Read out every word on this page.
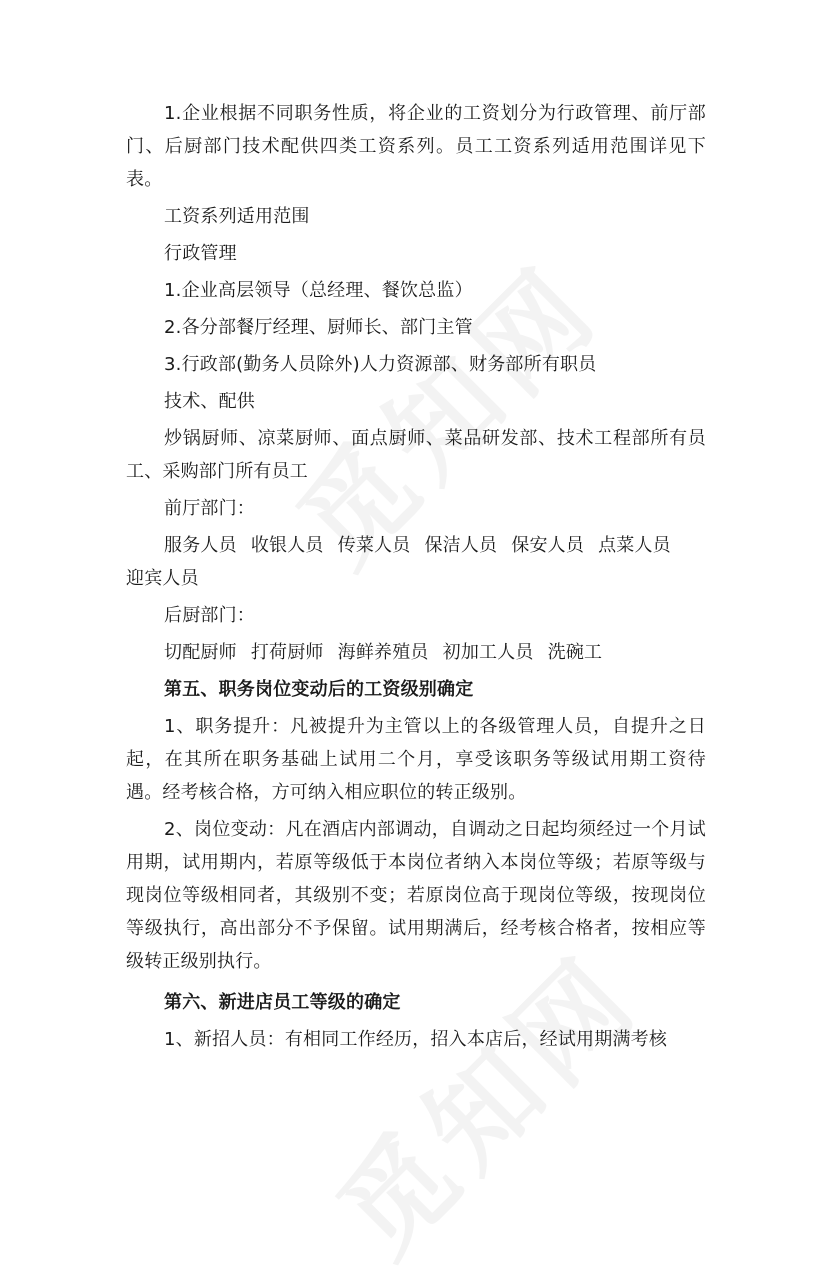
1.企业根据不同职务性质，将企业的工资划分为行政管理、前厅部门、后厨部门技术配供四类工资系列。员工工资系列适用范围详见下表。

工资系列适用范围

行政管理

1.企业高层领导（总经理、餐饮总监）

2.各分部餐厅经理、厨师长、部门主管

3.行政部(勤务人员除外)人力资源部、财务部所有职员

技术、配供

炒锅厨师、凉菜厨师、面点厨师、菜品研发部、技术工程部所有员工、采购部门所有员工

前厅部门：

服务人员 收银人员 传菜人员 保洁人员 保安人员 点菜人员
迎宾人员

后厨部门：

切配厨师 打荷厨师 海鲜养殖员 初加工人员 洗碗工

第五、职务岗位变动后的工资级别确定

1、职务提升：凡被提升为主管以上的各级管理人员，自提升之日起，在其所在职务基础上试用二个月，享受该职务等级试用期工资待遇。经考核合格，方可纳入相应职位的转正级别。

2、岗位变动：凡在酒店内部调动，自调动之日起均须经过一个月试用期，试用期内，若原等级低于本岗位者纳入本岗位等级；若原等级与现岗位等级相同者，其级别不变；若原岗位高于现岗位等级，按现岗位等级执行，高出部分不予保留。试用期满后，经考核合格者，按相应等级转正级别执行。

第六、新进店员工等级的确定

1、新招人员：有相同工作经历，招入本店后，经试用期满考核
